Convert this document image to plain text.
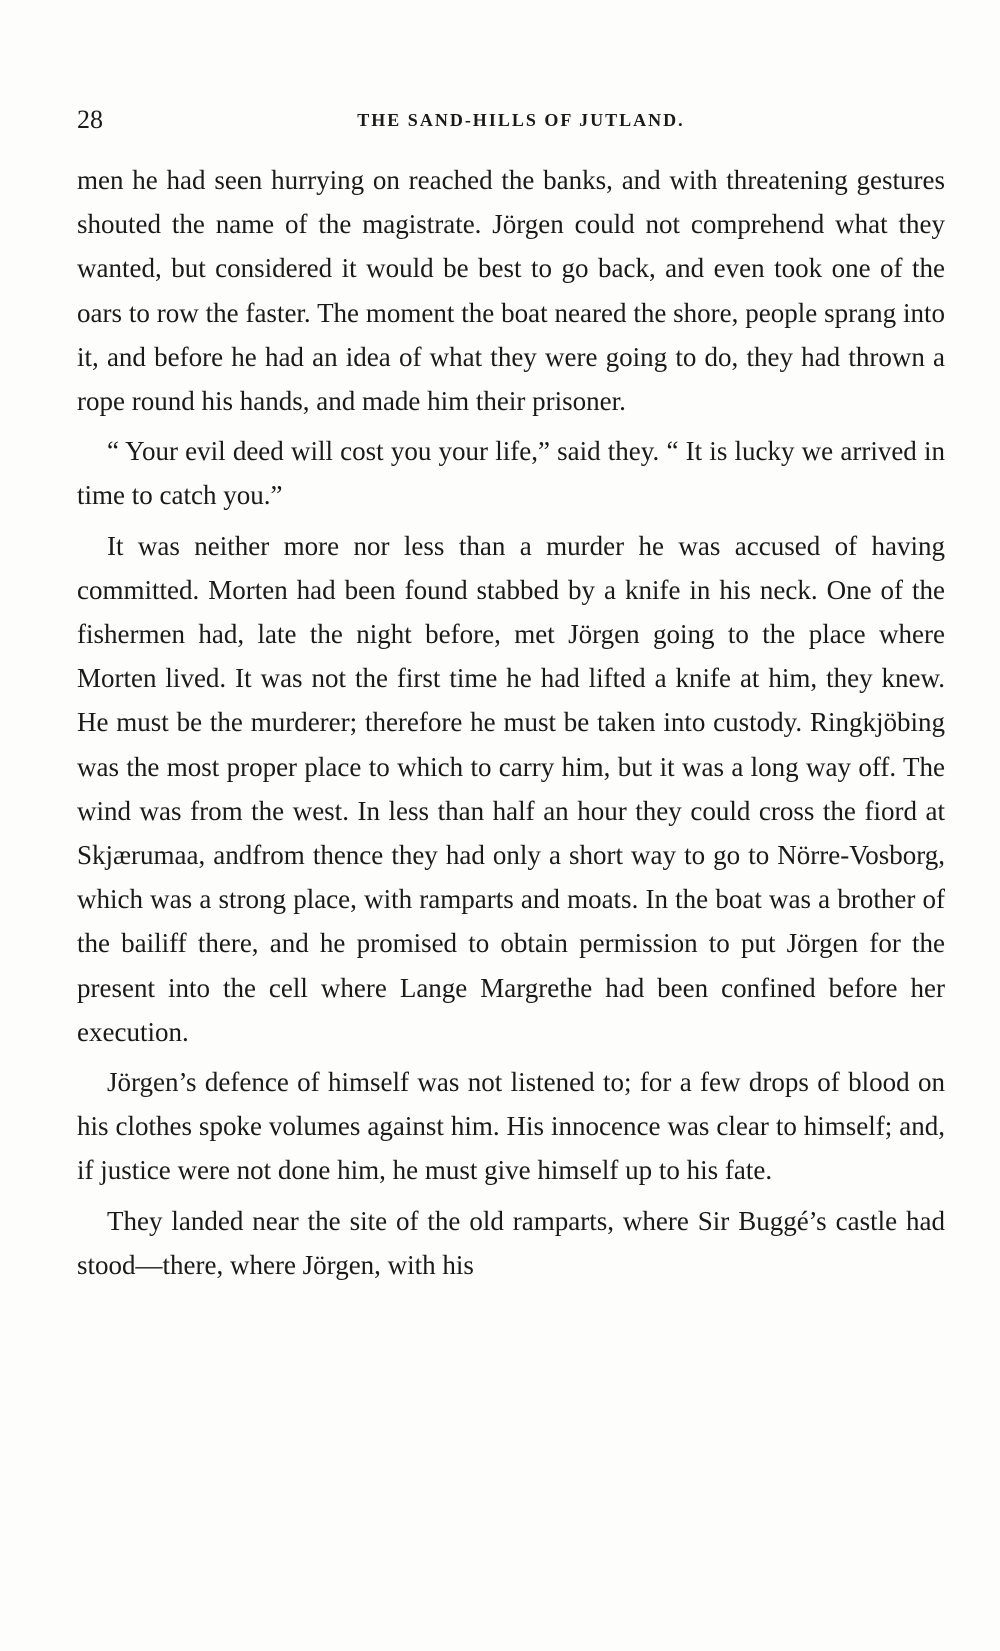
28	THE SAND-HILLS OF JUTLAND.

men he had seen hurrying on reached the banks, and with threatening gestures shouted the name of the magistrate. Jörgen could not comprehend what they wanted, but considered it would be best to go back, and even took one of the oars to row the faster. The moment the boat neared the shore, people sprang into it, and before he had an idea of what they were going to do, they had thrown a rope round his hands, and made him their prisoner.

“ Your evil deed will cost you your life,” said they. “ It is lucky we arrived in time to catch you.”

It was neither more nor less than a murder he was accused of having committed. Morten had been found stabbed by a knife in his neck. One of the fishermen had, late the night before, met Jörgen going to the place where Morten lived. It was not the first time he had lifted a knife at him, they knew. He must be the murderer; therefore he must be taken into custody. Ringkjöbing was the most proper place to which to carry him, but it was a long way off. The wind was from the west. In less than half an hour they could cross the fiord at Skjærumaa, andfrom thence they had only a short way to go to Nörre-Vosborg, which was a strong place, with ramparts and moats. In the boat was a brother of the bailiff there, and he promised to obtain permission to put Jörgen for the present into the cell where Lange Margrethe had been confined before her execution.

Jörgen’s defence of himself was not listened to; for a few drops of blood on his clothes spoke volumes against him. His innocence was clear to himself; and, if justice were not done him, he must give himself up to his fate.

They landed near the site of the old ramparts, where Sir Buggé’s castle had stood—there, where Jörgen, with his
